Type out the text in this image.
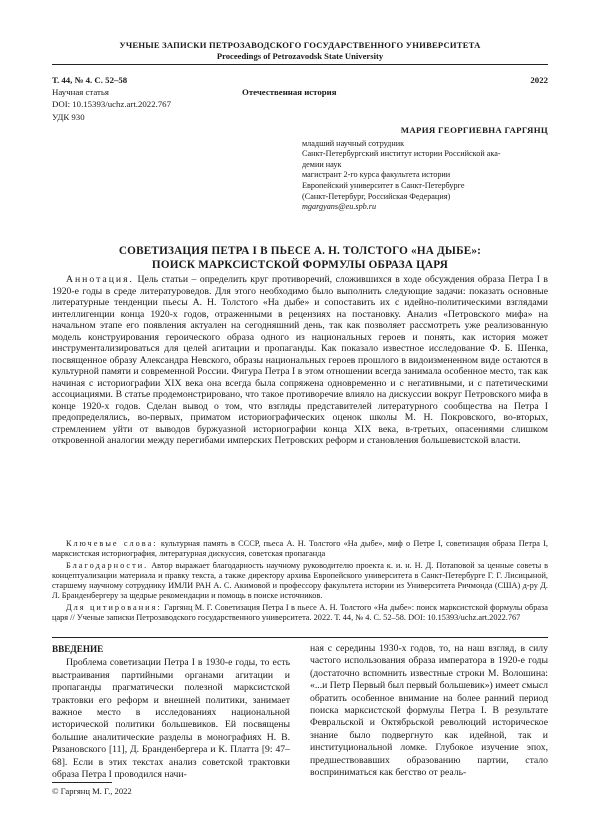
УЧЕНЫЕ ЗАПИСКИ ПЕТРОЗАВОДСКОГО ГОСУДАРСТВЕННОГО УНИВЕРСИТЕТА
Proceedings of Petrozavodsk State University
Т. 44, № 4. С. 52–58	2022
Научная статья	Отечественная история
DOI: 10.15393/uchz.art.2022.767
УДК 930
МАРИЯ ГЕОРГИЕВНА ГАРГЯНЦ
младший научный сотрудник
Санкт-Петербургский институт истории Российской ака-
демии наук
магистрант 2-го курса факультета истории
Европейский университет в Санкт-Петербурге
(Санкт-Петербург, Российская Федерация)
mgargyans@eu.spb.ru
СОВЕТИЗАЦИЯ ПЕТРА I В ПЬЕСЕ А. Н. ТОЛСТОГО «НА ДЫБЕ»:
ПОИСК МАРКСИСТСКОЙ ФОРМУЛЫ ОБРАЗА ЦАРЯ
Аннотация. Цель статьи – определить круг противоречий, сложившихся в ходе обсуждения образа Петра I в 1920-е годы в среде литературоведов. Для этого необходимо было выполнить следующие задачи: показать основные литературные тенденции пьесы А. Н. Толстого «На дыбе» и сопоставить их с идейно-политическими взглядами интеллигенции конца 1920-х годов, отраженными в рецензиях на постановку. Анализ «Петровского мифа» на начальном этапе его появления актуален на сегодняшний день, так как позволяет рассмотреть уже реализованную модель конструирования героического образа одного из национальных героев и понять, как история может инструментализироваться для целей агитации и пропаганды. Как показало известное исследование Ф. Б. Шенка, посвященное образу Александра Невского, образы национальных героев прошлого в видоизмененном виде остаются в культурной памяти и современной России. Фигура Петра I в этом отношении всегда занимала особенное место, так как начиная с историографии XIX века она всегда была сопряжена одновременно и с негативными, и с патетическими ассоциациями. В статье продемонстрировано, что такое противоречие влияло на дискуссии вокруг Петровского мифа в конце 1920-х годов. Сделан вывод о том, что взгляды представителей литературного сообщества на Петра I предопределялись, во-первых, приматом историографических оценок школы М. Н. Покровского, во-вторых, стремлением уйти от выводов буржуазной историографии конца XIX века, в-третьих, опасениями слишком откровенной аналогии между перегибами имперских Петровских реформ и становления большевистской власти.
Ключевые слова: культурная память в СССР, пьеса А. Н. Толстого «На дыбе», миф о Петре I, советизация образа Петра I, марксистская историография, литературная дискуссия, советская пропаганда
Благодарности. Автор выражает благодарность научному руководителю проекта к. и. н. Н. Д. Потаповой за ценные советы в концептуализации материала и правку текста, а также директору архива Европейского университета в Санкт-Петербурге Г. Г. Лисицыной, старшему научному сотруднику ИМЛИ РАН А. С. Акимовой и профессору факультета истории из Университета Ричмонда (США) д-ру Д. Л. Бранденбергеру за щедрые рекомендации и помощь в поиске источников.
Для цитирования: Гаргянц М. Г. Советизация Петра I в пьесе А. Н. Толстого «На дыбе»: поиск марксистской формулы образа царя // Ученые записки Петрозаводского государственного университета. 2022. Т. 44, № 4. С. 52–58. DOI: 10.15393/uchz.art.2022.767
ВВЕДЕНИЕ
Проблема советизации Петра I в 1930-е годы, то есть выстраивания партийными органами агитации и пропаганды прагматически полезной марксистской трактовки его реформ и внешней политики, занимает важное место в исследованиях национальной исторической политики большевиков. Ей посвящены большие аналитические разделы в монографиях Н. В. Рязановского [11], Д. Бранденбергера и К. Платта [9: 47–68]. Если в этих текстах анализ советской трактовки образа Петра I проводился начи-
ная с середины 1930-х годов, то, на наш взгляд, в силу частого использования образа императора в 1920-е годы (достаточно вспомнить известные строки М. Волошина: «...и Петр Первый был первый большевик») имеет смысл обратить особенное внимание на более ранний период поиска марксистской формулы Петра I. В результате Февральской и Октябрьской революций историческое знание было подвергнуто как идейной, так и институциональной ломке. Глубокое изучение эпох, предшествовавших образованию партии, стало восприниматься как бегство от реаль-
© Гаргянц М. Г., 2022
